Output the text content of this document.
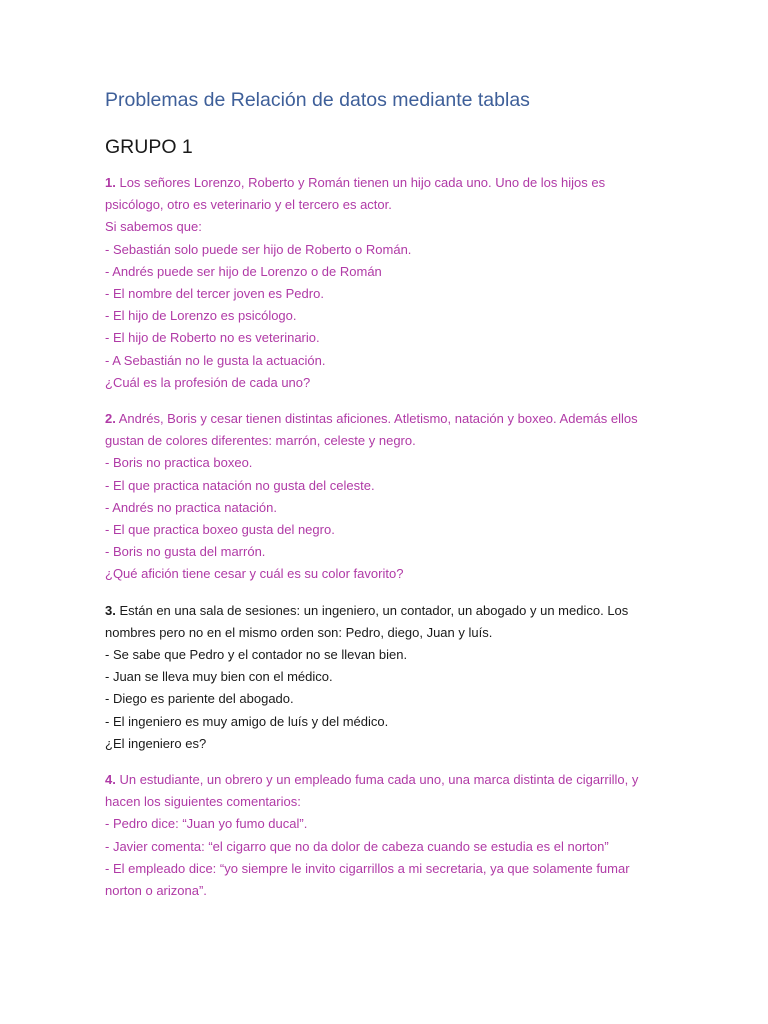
Problemas de Relación de datos mediante tablas
GRUPO 1
1. Los señores Lorenzo, Roberto y Román tienen un hijo cada uno. Uno de los hijos es psicólogo, otro es veterinario y el tercero es actor.
Si sabemos que:
- Sebastián solo puede ser hijo de Roberto o Román.
- Andrés puede ser hijo de Lorenzo o de Román
- El nombre del tercer joven es Pedro.
- El hijo de Lorenzo es psicólogo.
- El hijo de Roberto no es veterinario.
- A Sebastián no le gusta la actuación.
¿Cuál es la profesión de cada uno?
2. Andrés, Boris y cesar tienen distintas aficiones. Atletismo, natación y boxeo. Además ellos gustan de colores diferentes: marrón, celeste y negro.
- Boris no practica boxeo.
- El que practica natación no gusta del celeste.
- Andrés no practica natación.
- El que practica boxeo gusta del negro.
- Boris no gusta del marrón.
¿Qué afición tiene cesar y cuál es su color favorito?
3. Están en una sala de sesiones: un ingeniero, un contador, un abogado y un medico. Los nombres pero no en el mismo orden son: Pedro, diego, Juan y luís.
- Se sabe que Pedro y el contador no se llevan bien.
- Juan se lleva muy bien con el médico.
- Diego es pariente del abogado.
- El ingeniero es muy amigo de luís y del médico.
¿El ingeniero es?
4. Un estudiante, un obrero y un empleado fuma cada uno, una marca distinta de cigarrillo, y hacen los siguientes comentarios:
- Pedro dice: “Juan yo fumo ducal”.
- Javier comenta: “el cigarro que no da dolor de cabeza cuando se estudia es el norton”
- El empleado dice: “yo siempre le invito cigarrillos a mi secretaria, ya que solamente fumar norton o arizona”.
